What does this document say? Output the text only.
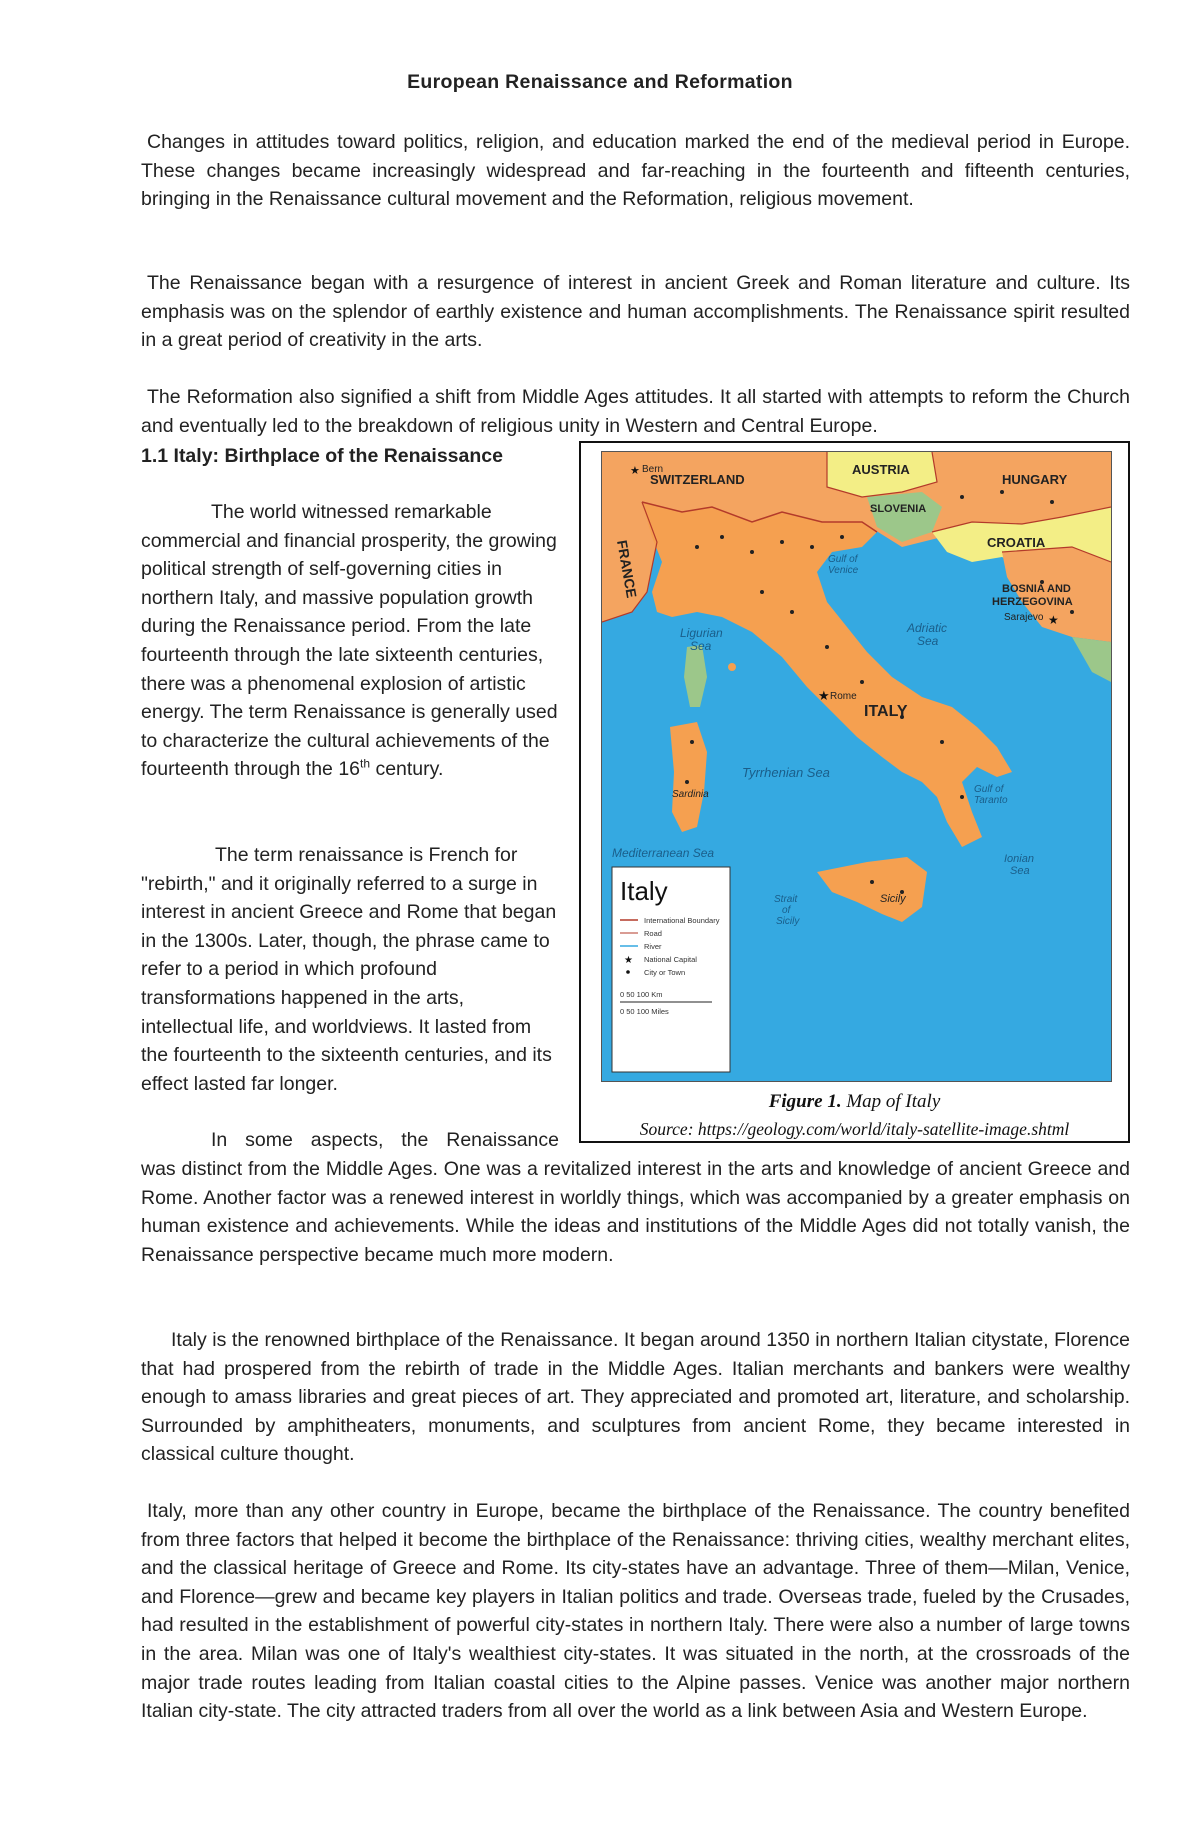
European Renaissance and Reformation

Changes in attitudes toward politics, religion, and education marked the end of the medieval period in Europe. These changes became increasingly widespread and far-reaching in the fourteenth and fifteenth centuries, bringing in the Renaissance cultural movement and the Reformation, religious movement.

The Renaissance began with a resurgence of interest in ancient Greek and Roman literature and culture. Its emphasis was on the splendor of earthly existence and human accomplishments. The Renaissance spirit resulted in a great period of creativity in the arts.

The Reformation also signified a shift from Middle Ages attitudes. It all started with attempts to reform the Church and eventually led to the breakdown of religious unity in Western and Central Europe.

1.1 Italy: Birthplace of the Renaissance

The world witnessed remarkable commercial and financial prosperity, the growing political strength of self-governing cities in northern Italy, and massive population growth during the Renaissance period. From the late fourteenth through the late sixteenth centuries, there was a phenomenal explosion of artistic energy. The term Renaissance is generally used to characterize the cultural achievements of the fourteenth through the 16th century.

The term renaissance is French for "rebirth," and it originally referred to a surge in interest in ancient Greece and Rome that began in the 1300s. Later, though, the phrase came to refer to a period in which profound transformations happened in the arts, intellectual life, and worldviews. It lasted from the fourteenth to the sixteenth centuries, and its effect lasted far longer.

In some aspects, the Renaissance

was distinct from the Middle Ages. One was a revitalized interest in the arts and knowledge of ancient Greece and Rome. Another factor was a renewed interest in worldly things, which was accompanied by a greater emphasis on human existence and achievements. While the ideas and institutions of the Middle Ages did not totally vanish, the Renaissance perspective became much more modern.

Italy is the renowned birthplace of the Renaissance. It began around 1350 in northern Italian citystate, Florence that had prospered from the rebirth of trade in the Middle Ages. Italian merchants and bankers were wealthy enough to amass libraries and great pieces of art. They appreciated and promoted art, literature, and scholarship. Surrounded by amphitheaters, monuments, and sculptures from ancient Rome, they became interested in classical culture thought.

Italy, more than any other country in Europe, became the birthplace of the Renaissance. The country benefited from three factors that helped it become the birthplace of the Renaissance: thriving cities, wealthy merchant elites, and the classical heritage of Greece and Rome. Its city-states have an advantage. Three of them—Milan, Venice, and Florence—grew and became key players in Italian politics and trade. Overseas trade, fueled by the Crusades, had resulted in the establishment of powerful city-states in northern Italy. There were also a number of large towns in the area. Milan was one of Italy's wealthiest city-states. It was situated in the north, at the crossroads of the major trade routes leading from Italian coastal cities to the Alpine passes. Venice was another major northern Italian city-state. The city attracted traders from all over the world as a link between Asia and Western Europe.

★
★
★
SWITZERLAND
AUSTRIA
HUNGARY
SLOVENIA
CROATIA
BOSNIA AND
HERZEGOVINA
FRANCE
ITALY
Ligurian
Sea
Adriatic
Sea
Tyrrhenian Sea
Mediterranean Sea	Ionian
Sea
Gulf of
Taranto
Gulf of
Venice
Strait
of
Sicily
Bern
Rome
Sicily
Sardinia
Sarajevo
Italy
★
International Boundary
Road
River
National Capital
City or Town
0 50 100 Km
0 50 100 Miles
Figure 1. Map of Italy
Source: https://geology.com/world/italy-satellite-image.shtml
